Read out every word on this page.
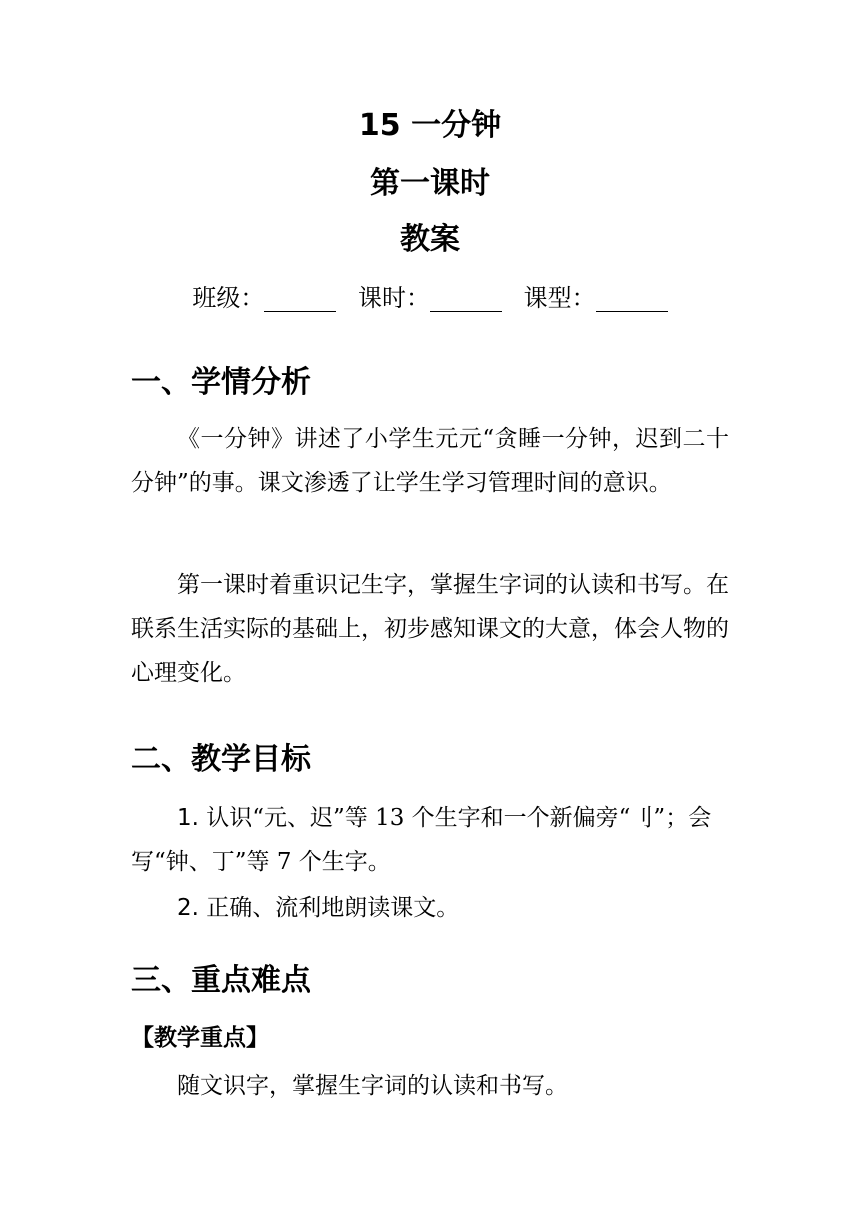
15 一分钟
第一课时
教案
班级：	课时：	课型：
一、学情分析

《一分钟》讲述了小学生元元“贪睡一分钟，迟到二十分钟”的事。课文渗透了让学生学习管理时间的意识。

第一课时着重识记生字，掌握生字词的认读和书写。在联系生活实际的基础上，初步感知课文的大意，体会人物的心理变化。

二、教学目标

1. 认识“元、迟”等 13 个生字和一个新偏旁“刂”；会写“钟、丁”等 7 个生字。

2. 正确、流利地朗读课文。

三、重点难点
【教学重点】

随文识字，掌握生字词的认读和书写。
